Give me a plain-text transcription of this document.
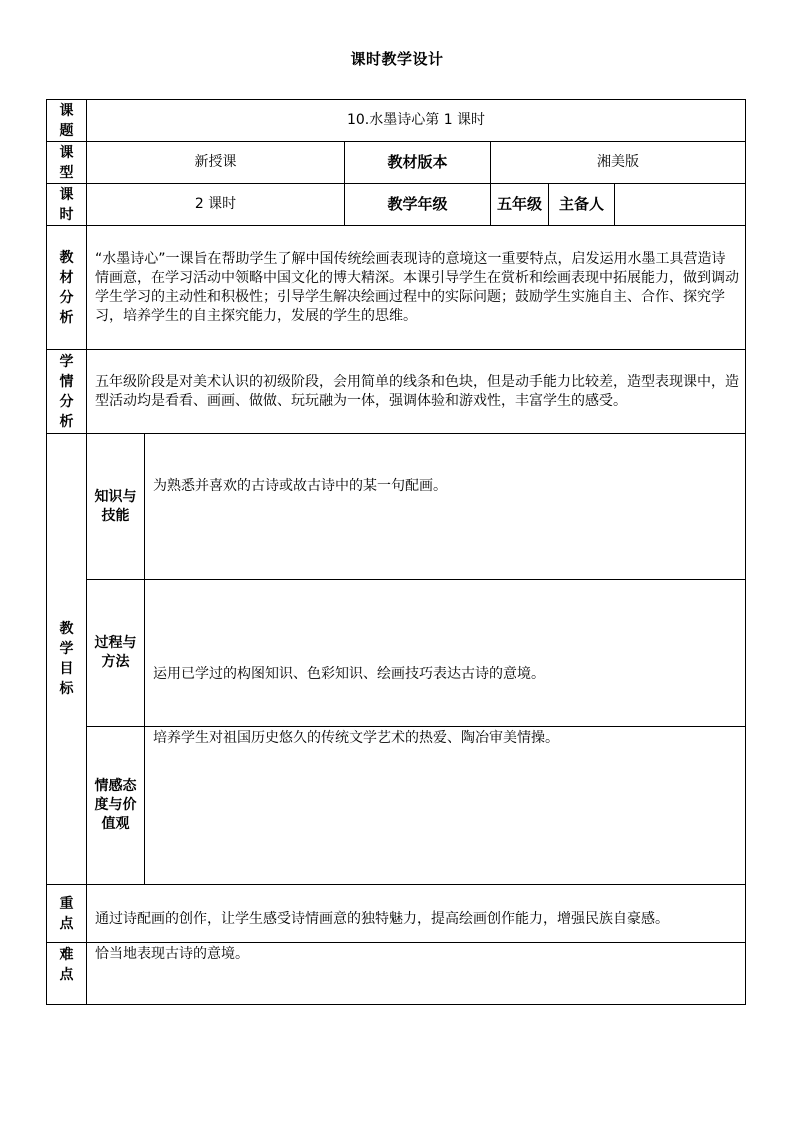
课时教学设计
课题	10.水墨诗心第 1 课时					
课型	新授课		教材版本	湘美版		
课时	2 课时		教学年级	五年级	主备人	
教材分析	“水墨诗心”一课旨在帮助学生了解中国传统绘画表现诗的意境这一重要特点，启发运用水墨工具营造诗情画意，在学习活动中领略中国文化的博大精深。本课引导学生在赏析和绘画表现中拓展能力，做到调动学生学习的主动性和积极性；引导学生解决绘画过程中的实际问题；鼓励学生实施自主、合作、探究学习，培养学生的自主探究能力，发展的学生的思维。					
学情分析	五年级阶段是对美术认识的初级阶段，会用简单的线条和色块，但是动手能力比较差，造型表现课中，造型活动均是看看、画画、做做、玩玩融为一体，强调体验和游戏性，丰富学生的感受。					
教学目标	知识与技能	为熟悉并喜欢的古诗或故古诗中的某一句配画。				
	过程与方法	运用已学过的构图知识、色彩知识、绘画技巧表达古诗的意境。				
	情感态度与价值观	培养学生对祖国历史悠久的传统文学艺术的热爱、陶冶审美情操。				
重点	通过诗配画的创作，让学生感受诗情画意的独特魅力，提高绘画创作能力，增强民族自豪感。					
难点	恰当地表现古诗的意境。					
